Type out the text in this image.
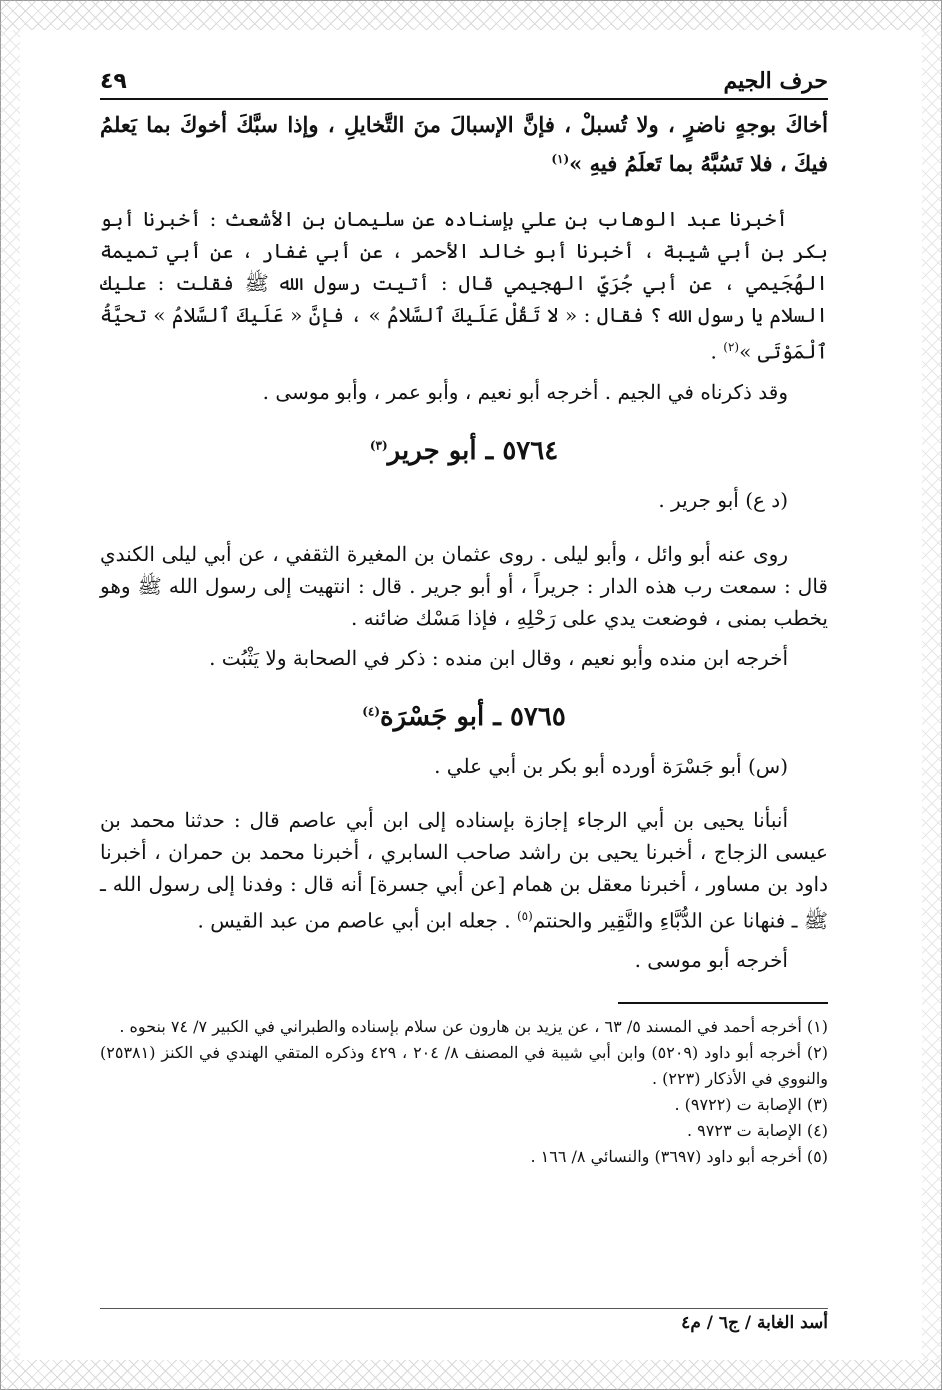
حرف الجيم
٤٩

أخاكَ بوجهٍ ناضرٍ ، ولا تُسبلْ ، فإنَّ الإسبالَ منَ التَّخايلِ ، وإذا سبَّكَ أخوكَ بما يَعلمُ فيكَ ، فلا تَسُبَّهُ بما تَعلَمُ فيهِ »$^{(١)}$

أخبرنا عبد الوهاب بن علي بإسناده عن سليمان بن الأشعث : أخبرنا أبو بكر بن أبي شيبة ، أخبرنا أبو خالد الأحمر ، عن أبي غفار ، عن أبي تميمة الهُجَيمي ، عن أبي جُرَيّ الهجيمي قال : أتيت رسول الله ﷺ فقلت : عليك السلام يا رسول الله ؟ فقال : « لا تَقُلْ عَلَيكَ ٱلسَّلامُ » ، فإنَّ « عَلَيكَ ٱلسَّلامُ » تحيَّةُ ٱلْمَوْتَى »$^{(٢)}$ .

وقد ذكرناه في الجيم . أخرجه أبو نعيم ، وأبو عمر ، وأبو موسى .

٥٧٦٤ ـ أبو جرير$^{(٣)}$

(د ع) أبو جرير .

روى عنه أبو وائل ، وأبو ليلى . روى عثمان بن المغيرة الثقفي ، عن أبي ليلى الكندي قال : سمعت رب هذه الدار : جريراً ، أو أبو جرير . قال : انتهيت إلى رسول الله ﷺ وهو يخطب بمنى ، فوضعت يدي على رَحْلِهِ ، فإذا مَسْك ضائنه .

أخرجه ابن منده وأبو نعيم ، وقال ابن منده : ذكر في الصحابة ولا يَثْبُت .

٥٧٦٥ ـ أبو جَسْرَة$^{(٤)}$

(س) أبو جَسْرَة أورده أبو بكر بن أبي علي .

أنبأنا يحيى بن أبي الرجاء إجازة بإسناده إلى ابن أبي عاصم قال : حدثنا محمد بن عيسى الزجاج ، أخبرنا يحيى بن راشد صاحب السابري ، أخبرنا محمد بن حمران ، أخبرنا داود بن مساور ، أخبرنا معقل بن همام [عن أبي جسرة] أنه قال : وفدنا إلى رسول الله ـ ﷺ ـ فنهانا عن الدُّبَّاءِ والنَّقِير والحنتم$^{(٥)}$ . جعله ابن أبي عاصم من عبد القيس .

أخرجه أبو موسى .

(١) أخرجه أحمد في المسند ٥/ ٦٣ ، عن يزيد بن هارون عن سلام بإسناده والطبراني في الكبير ٧/ ٧٤ بنحوه .

(٢) أخرجه أبو داود (٥٢٠٩) وابن أبي شيبة في المصنف ٨/ ٢٠٤ ، ٤٢٩ وذكره المتقي الهندي في الكنز (٢٥٣٨١) والنووي في الأذكار (٢٢٣) .

(٣) الإصابة ت (٩٧٢٢) .

(٤) الإصابة ت ٩٧٢٣ .

(٥) أخرجه أبو داود (٣٦٩٧) والنسائي ٨/ ١٦٦ .

أسد الغابة / ج٦ / م٤
